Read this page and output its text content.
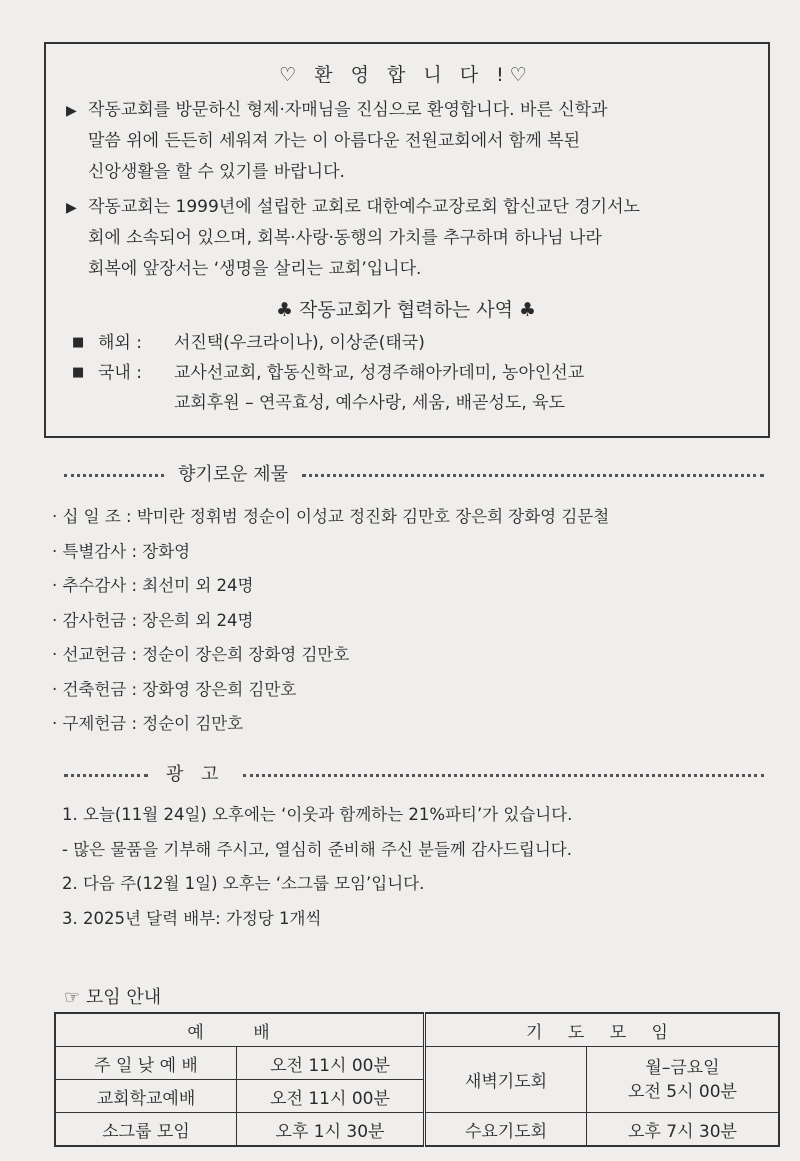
♡ 환 영 합 니 다 !♡
▶ 작동교회를 방문하신 형제·자매님을 진심으로 환영합니다. 바른 신학과
말씀 위에 든든히 세워져 가는 이 아름다운 전원교회에서 함께 복된
신앙생활을 할 수 있기를 바랍니다.
▶ 작동교회는 1999년에 설립한 교회로 대한예수교장로회 합신교단 경기서노
회에 소속되어 있으며, 회복·사랑·동행의 가치를 추구하며 하나님 나라
회복에 앞장서는 ‘생명을 살리는 교회’입니다.
♣ 작동교회가 협력하는 사역 ♣
■ 해외 :	서진택(우크라이나), 이상준(태국)
■ 국내 :	교사선교회, 합동신학교, 성경주해아카데미, 농아인선교
교회후원 – 연곡효성, 예수사랑, 세움, 배곧성도, 육도
향기로운 제물
· 십 일 조 : 박미란 정휘범 정순이 이성교 정진화 김만호 장은희 장화영 김문철
· 특별감사 : 장화영
· 추수감사 : 최선미 외 24명
· 감사헌금 : 장은희 외 24명
· 선교헌금 : 정순이 장은희 장화영 김만호
· 건축헌금 : 장화영 장은희 김만호
· 구제헌금 : 정순이 김만호
광 고
1. 오늘(11월 24일) 오후에는 ‘이웃과 함께하는 21%파티’가 있습니다.
- 많은 물품을 기부해 주시고, 열심히 준비해 주신 분들께 감사드립니다.
2. 다음 주(12월 1일) 오후는 ‘소그룹 모임’입니다.
3. 2025년 달력 배부: 가정당 1개씩
☞ 모임 안내
예 배		기 도 모 임	
주 일 낮 예 배	오전 11시 00분	새벽기도회	월–금요일
오전 5시 00분

교회학교예배	오전 11시 00분		
소그룹 모임	오후 1시 30분	수요기도회	오후 7시 30분
